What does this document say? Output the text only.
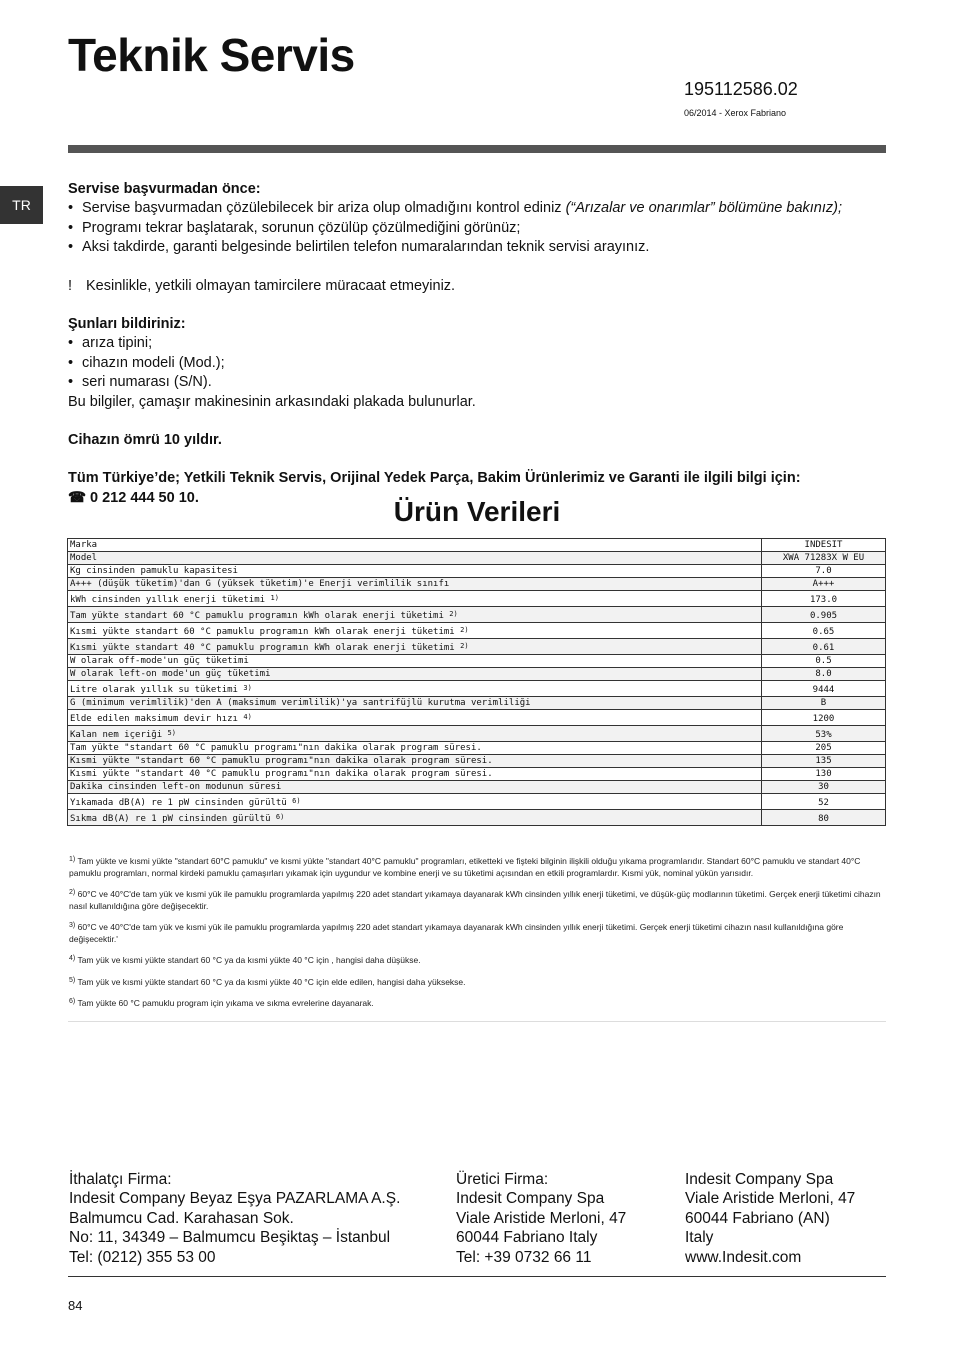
Teknik Servis
195112586.02
06/2014 - Xerox Fabriano
TR

Servise başvurmadan önce:

• Servise başvurmadan çözülebilecek bir ariza olup olmadığını kontrol ediniz (“Arızalar ve onarımlar” bölümüne bakınız);

• Programı tekrar başlatarak, sorunun çözülüp çözülmediğini görünüz;

• Aksi takdirde, garanti belgesinde belirtilen telefon numaralarından teknik servisi arayınız.

! Kesinlikle, yetkili olmayan tamircilere müracaat etmeyiniz.

Şunları bildiriniz:

• arıza tipini;

• cihazın modeli (Mod.);

• seri numarası (S/N).

Bu bilgiler, çamaşır makinesinin arkasındaki plakada bulunurlar.

Cihazın ömrü 10 yıldır.

Tüm Türkiye’de; Yetkili Teknik Servis, Orijinal Yedek Parça, Bakim Ürünlerimiz ve Garanti ile ilgili bilgi için:

☎ 0 212 444 50 10.	Ürün Verileri
Marka	INDESIT
Model	XWA 71283X W EU
Kg cinsinden pamuklu kapasitesi	7.0
A+++ (düşük tüketim)'dan G (yüksek tüketim)'e Enerji verimlilik sınıfı	A+++
kWh cinsinden yıllık enerji tüketimi $^{1)}$	173.0
Tam yükte standart 60 °C pamuklu programın kWh olarak enerji tüketimi $^{2)}$	0.905
Kısmi yükte standart 60 °C pamuklu programın kWh olarak enerji tüketimi $^{2)}$	0.65
Kısmi yükte standart 40 °C pamuklu programın kWh olarak enerji tüketimi $^{2)}$	0.61
W olarak off-mode'un güç tüketimi	0.5
W olarak left-on mode'un güç tüketimi	8.0
Litre olarak yıllık su tüketimi $^{3)}$	9444
G (minimum verimlilik)'den A (maksimum verimlilik)'ya santrifüjlü kurutma verimliliği	B
Elde edilen maksimum devir hızı $^{4)}$	1200
Kalan nem içeriği $^{5)}$	53%
Tam yükte "standart 60 °C pamuklu programı"nın dakika olarak program süresi.	205
Kısmi yükte "standart 60 °C pamuklu programı"nın dakika olarak program süresi.	135
Kısmi yükte "standart 40 °C pamuklu programı"nın dakika olarak program süresi.	130
Dakika cinsinden left-on modunun süresi	30
Yıkamada dB(A) re 1 pW cinsinden gürültü $^{6)}$	52
Sıkma dB(A) re 1 pW cinsinden gürültü $^{6)}$	80

$^{1)}$ Tam yükte ve kısmi yükte "standart 60°C pamuklu" ve kısmi yükte "standart 40°C pamuklu" programları, etiketteki ve fişteki bilginin ilişkili olduğu yıkama programlarıdır. Standart 60°C pamuklu ve standart 40°C pamuklu programları, normal kirdeki pamuklu çamaşırları yıkamak için uygundur ve kombine enerji ve su tüketimi açısından en etkili programlardır. Kısmi yük, nominal yükün yarısıdır.

$^{2)}$ 60°C ve 40°C'de tam yük ve kısmi yük ile pamuklu programlarda yapılmış 220 adet standart yıkamaya dayanarak kWh cinsinden yıllık enerji tüketimi, ve düşük-güç modlarının tüketimi. Gerçek enerji tüketimi cihazın nasıl kullanıldığına göre değişecektir.

$^{3)}$ 60°C ve 40°C'de tam yük ve kısmi yük ile pamuklu programlarda yapılmış 220 adet standart yıkamaya dayanarak kWh cinsinden yıllık enerji tüketimi. Gerçek enerji tüketimi cihazın nasıl kullanıldığına göre değişecektir.'

$^{4)}$ Tam yük ve kısmi yükte standart 60 °C ya da kısmi yükte 40 °C için , hangisi daha düşükse.

$^{5)}$ Tam yük ve kısmi yükte standart 60 °C ya da kısmi yükte 40 °C için elde edilen, hangisi daha yüksekse.

$^{6)}$ Tam yükte 60 °C pamuklu program için yıkama ve sıkma evrelerine dayanarak.

İthalatçı Firma:

Indesit Company Beyaz Eşya PAZARLAMA A.Ş.

Balmumcu Cad. Karahasan Sok.

No: 11, 34349 – Balmumcu Beşiktaş – İstanbul

Tel: (0212) 355 53 00

Üretici Firma:

Indesit Company Spa

Viale Aristide Merloni, 47

60044 Fabriano Italy

Tel: +39 0732 66 11

Indesit Company Spa

Viale Aristide Merloni, 47

60044 Fabriano (AN)

Italy

www.Indesit.com

84
